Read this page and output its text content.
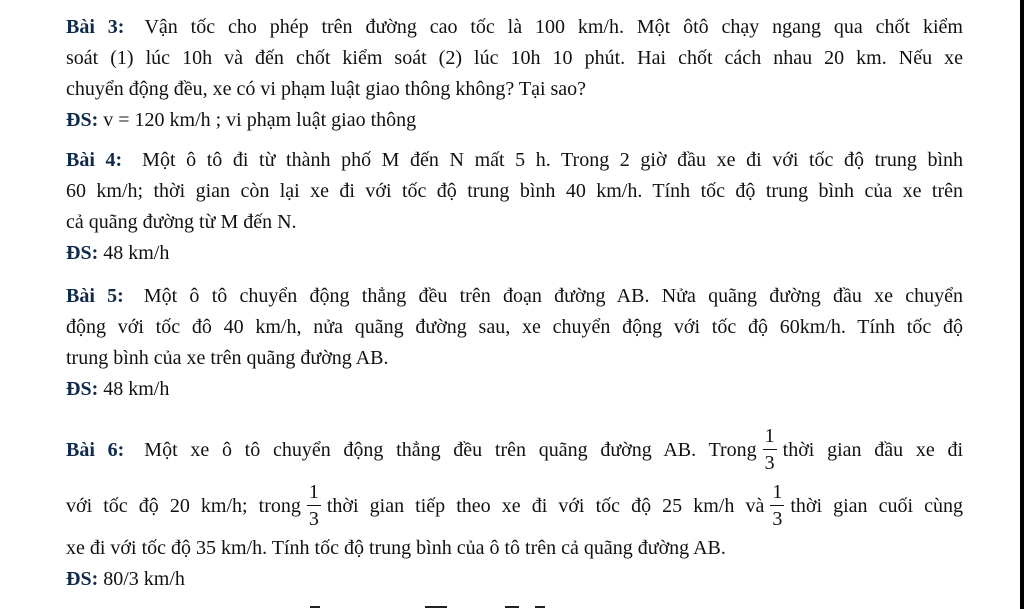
Bài 3: Vận tốc cho phép trên đường cao tốc là 100 km/h. Một ôtô chạy ngang qua chốt kiểm
soát (1) lúc 10h và đến chốt kiểm soát (2) lúc 10h 10 phút. Hai chốt cách nhau 20 km. Nếu xe
chuyển động đều, xe có vi phạm luật giao thông không? Tại sao?
ĐS: v = 120 km/h ; vi phạm luật giao thông
Bài 4: Một ô tô đi từ thành phố M đến N mất 5 h. Trong 2 giờ đầu xe đi với tốc độ trung bình
60 km/h; thời gian còn lại xe đi với tốc độ trung bình 40 km/h. Tính tốc độ trung bình của xe trên
cả quãng đường từ M đến N.
ĐS: 48 km/h
Bài 5: Một ô tô chuyển động thẳng đều trên đoạn đường AB. Nửa quãng đường đầu xe chuyển
động với tốc đô 40 km/h, nửa quãng đường sau, xe chuyển động với tốc độ 60km/h. Tính tốc độ
trung bình của xe trên quãng đường AB.
ĐS: 48 km/h
Bài 6: Một xe ô tô chuyển động thẳng đều trên quãng đường AB. Trong $\frac{1}{3}$ thời gian đầu xe đi
với tốc độ 20 km/h; trong $\frac{1}{3}$ thời gian tiếp theo xe đi với tốc độ 25 km/h và $\frac{1}{3}$ thời gian cuối cùng
xe đi với tốc độ 35 km/h. Tính tốc độ trung bình của ô tô trên cả quãng đường AB.
ĐS: 80/3 km/h
